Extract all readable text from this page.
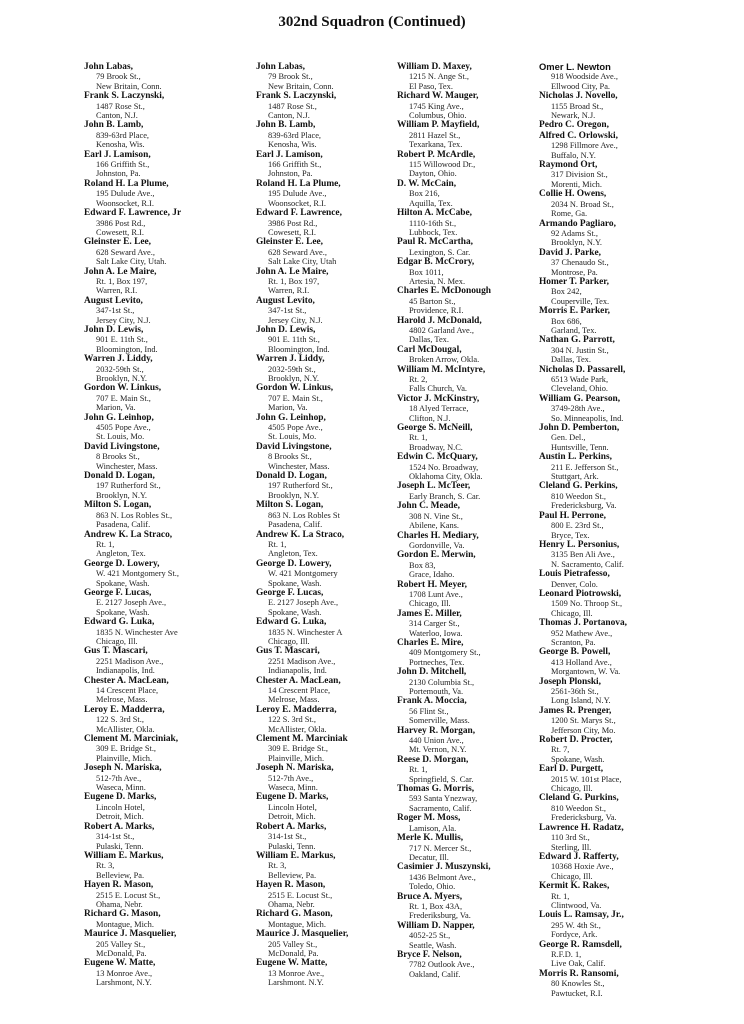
302nd Squadron (Continued)
John Labas,
79 Brook St.,
New Britain, Conn.
Frank S. Laczynski,
1487 Rose St.,
Canton, N.J.
John B. Lamb,
839-63rd Place,
Kenosha, Wis.
Earl J. Lamison,
166 Griffith St.,
Johnston, Pa.
Roland H. La Plume,
195 Dulude Ave.,
Woonsocket, R.I.
Edward F. Lawrence, Jr
3986 Post Rd.,
Cowesett, R.I.
Gleinster E. Lee,
628 Seward Ave.,
Salt Lake City, Utah.
John A. Le Maire,
Rt. 1, Box 197,
Warren, R.I.
August Levito,
347-1st St.,
Jersey City, N.J.
John D. Lewis,
901 E. 11th St.,
Bloomington, Ind.
Warren J. Liddy,
2032-59th St.,
Brooklyn, N.Y.
Gordon W. Linkus,
707 E. Main St.,
Marion, Va.
John G. Leinhop,
4505 Pope Ave.,
St. Louis, Mo.
David Livingstone,
8 Brooks St.,
Winchester, Mass.
Donald D. Logan,
197 Rutherford St.,
Brooklyn, N.Y.
Milton S. Logan,
863 N. Los Robles St.,
Pasadena, Calif.
Andrew K. La Straco,
Rt. 1,
Angleton, Tex.
George D. Lowery,
W. 421 Montgomery St.,
Spokane, Wash.
George F. Lucas,
E. 2127 Joseph Ave.,
Spokane, Wash.
Edward G. Luka,
1835 N. Winchester Ave
Chicago, Ill.
Gus T. Mascari,
2251 Madison Ave.,
Indianapolis, Ind.
Chester A. MacLean,
14 Crescent Place,
Melrose, Mass.
Leroy E. Madderra,
122 S. 3rd St.,
McAllister, Okla.
Clement M. Marciniak,
309 E. Bridge St.,
Plainville, Mich.
Joseph N. Mariska,
512-7th Ave.,
Waseca, Minn.
Eugene D. Marks,
Lincoln Hotel,
Detroit, Mich.
Robert A. Marks,
314-1st St.,
Pulaski, Tenn.
William E. Markus,
Rt. 3,
Belleview, Pa.
Hayen R. Mason,
2515 E. Locust St.,
Ohama, Nebr.
Richard G. Mason,
Montague, Mich.
Maurice J. Masquelier,
205 Valley St.,
McDonald, Pa.
Eugene W. Matte,
13 Monroe Ave.,
Larshmont, N.Y.
John Labas,
79 Brook St.,
New Britain, Conn.
Frank S. Laczynski,
1487 Rose St.,
Canton, N.J.
John B. Lamb,
839-63rd Place,
Kenosha, Wis.
Earl J. Lamison,
166 Griffith St.,
Johnston, Pa.
Roland H. La Plume,
195 Dulude Ave.,
Woonsocket, R.I.
Edward F. Lawrence,
3986 Post Rd.,
Cowesett, R.I.
Gleinster E. Lee,
628 Seward Ave.,
Salt Lake City, Utah
John A. Le Maire,
Rt. 1, Box 197,
Warren, R.I.
August Levito,
347-1st St.,
Jersey City, N.J.
John D. Lewis,
901 E. 11th St.,
Bloomington, Ind.
Warren J. Liddy,
2032-59th St.,
Brooklyn, N.Y.
Gordon W. Linkus,
707 E. Main St.,
Marion, Va.
John G. Leinhop,
4505 Pope Ave.,
St. Louis, Mo.
David Livingstone,
8 Brooks St.,
Winchester, Mass.
Donald D. Logan,
197 Rutherford St.,
Brooklyn, N.Y.
Milton S. Logan,
863 N. Los Robles St
Pasadena, Calif.
Andrew K. La Straco,
Rt. 1,
Angleton, Tex.
George D. Lowery,
W. 421 Montgomery
Spokane, Wash.
George F. Lucas,
E. 2127 Joseph Ave.,
Spokane, Wash.
Edward G. Luka,
1835 N. Winchester A
Chicago, Ill.
Gus T. Mascari,
2251 Madison Ave.,
Indianapolis, Ind.
Chester A. MacLean,
14 Crescent Place,
Melrose, Mass.
Leroy E. Madderra,
122 S. 3rd St.,
McAllister, Okla.
Clement M. Marciniak
309 E. Bridge St.,
Plainville, Mich.
Joseph N. Mariska,
512-7th Ave.,
Waseca, Minn.
Eugene D. Marks,
Lincoln Hotel,
Detroit, Mich.
Robert A. Marks,
314-1st St.,
Pulaski, Tenn.
William E. Markus,
Rt. 3,
Belleview, Pa.
Hayen R. Mason,
2515 E. Locust St.,
Ohama, Nebr.
Richard G. Mason,
Montague, Mich.
Maurice J. Masquelier,
205 Valley St.,
McDonald, Pa.
Eugene W. Matte,
13 Monroe Ave.,
Larshmont. N.Y.
William D. Maxey,
1215 N. Ange St.,
El Paso, Tex.
Richard W. Mauger,
1745 King Ave.,
Columbus, Ohio.
William P. Mayfield,
2811 Hazel St.,
Texarkana, Tex.
Robert P. McArdle,
115 Willowood Dr.,
Dayton, Ohio.
D. W. McCain,
Box 216,
Aquilla, Tex.
Hilton A. McCabe,
1110-16th St.,
Lubbock, Tex.
Paul R. McCartha,
Lexington, S. Car.
Edgar B. McCrory,
Box 1011,
Artesia, N. Mex.
Charles E. McDonough
45 Barton St.,
Providence, R.I.
Harold J. McDonald,
4802 Garland Ave.,
Dallas, Tex.
Carl McDougal,
Broken Arrow, Okla.
William M. McIntyre,
Rt. 2,
Falls Church, Va.
Victor J. McKinstry,
18 Alyed Terrace,
Clifton, N.J.
George S. McNeill,
Rt. 1,
Broadway, N.C.
Edwin C. McQuary,
1524 No. Broadway,
Oklahoma City, Okla.
Joseph L. McTeer,
Early Branch, S. Car.
John C. Meade,
308 N. Vine St.,
Abilene, Kans.
Charles H. Mediary,
Gordonville, Va.
Gordon E. Merwin,
Box 83,
Grace, Idaho.
Robert H. Meyer,
1708 Lunt Ave.,
Chicago, Ill.
James E. Miller,
314 Carger St.,
Waterloo, Iowa.
Charles E. Mire,
409 Montgomery St.,
Portneches, Tex.
John D. Mitchell,
2130 Columbia St.,
Portemouth, Va.
Frank A. Moccia,
56 Flint St.,
Somerville, Mass.
Harvey R. Morgan,
440 Union Ave.,
Mt. Vernon, N.Y.
Reese D. Morgan,
Rt. 1,
Springfield, S. Car.
Thomas G. Morris,
593 Santa Ynezway,
Sacramento, Calif.
Roger M. Moss,
Lamison, Ala.
Merle K. Mullis,
717 N. Mercer St.,
Decatur, Ill.
Casimier J. Muszynski,
1436 Belmont Ave.,
Toledo, Ohio.
Bruce A. Myers,
Rt. 1, Box 43A,
Frederiksburg, Va.
William D. Napper,
4052-25 St.,
Seattle, Wash.
Bryce F. Nelson,
7782 Outlook Ave.,
Oakland, Calif.
Omer L. Newton
918 Woodside Ave.,
Ellwood City, Pa.
Nicholas J. Novello,
1155 Broad St.,
Newark, N.J.
Pedro C. Oregon,
Alfred C. Orlowski,
1298 Fillmore Ave.,
Buffalo, N.Y.
Raymond Ort,
317 Division St.,
Morenti, Mich.
Collie H. Owens,
2034 N. Broad St.,
Rome, Ga.
Armando Pagliaro,
92 Adams St.,
Brooklyn, N.Y.
David J. Parke,
37 Chenaudo St.,
Montrose, Pa.
Homer T. Parker,
Box 242,
Couperville, Tex.
Morris E. Parker,
Box 686,
Garland, Tex.
Nathan G. Parrott,
304 N. Justin St.,
Dallas, Tex.
Nicholas D. Passarell,
6513 Wade Park,
Cleveland, Ohio.
William G. Pearson,
3749-28th Ave.,
So. Minneapolis, Ind.
John D. Pemberton,
Gen. Del.,
Huntsville, Tenn.
Austin L. Perkins,
211 E. Jefferson St.,
Stuttgart, Ark.
Cleland G. Perkins,
810 Weedon St.,
Fredericksburg, Va.
Paul H. Perrone,
800 E. 23rd St.,
Bryce, Tex.
Henry L. Personius,
3135 Ben Ali Ave.,
N. Sacramento, Calif.
Louis Pietrafesso,
Denver, Colo.
Leonard Piotrowski,
1509 No. Throop St.,
Chicago, Ill.
Thomas J. Portanova,
952 Mathew Ave.,
Scranton, Pa.
George B. Powell,
413 Holland Ave.,
Morgantown, W. Va.
Joseph Plonski,
2561-36th St.,
Long Island, N.Y.
James R. Prenger,
1200 St. Marys St.,
Jefferson City, Mo.
Robert D. Procter,
Rt. 7,
Spokane, Wash.
Earl D. Purgett,
2015 W. 101st Place,
Chicago, Ill.
Cleland G. Purkins,
810 Weedon St.,
Fredericksburg, Va.
Lawrence H. Radatz,
110 3rd St.,
Sterling, Ill.
Edward J. Rafferty,
10368 Hoxie Ave.,
Chicago, Ill.
Kermit K. Rakes,
Rt. 1,
Clintwood, Va.
Louis L. Ramsay, Jr.,
295 W. 4th St.,
Fordyce, Ark.
George R. Ramsdell,
R.F.D. 1,
Live Oak, Calif.
Morris R. Ransomi,
80 Knowles St.,
Pawtucket, R.I.
